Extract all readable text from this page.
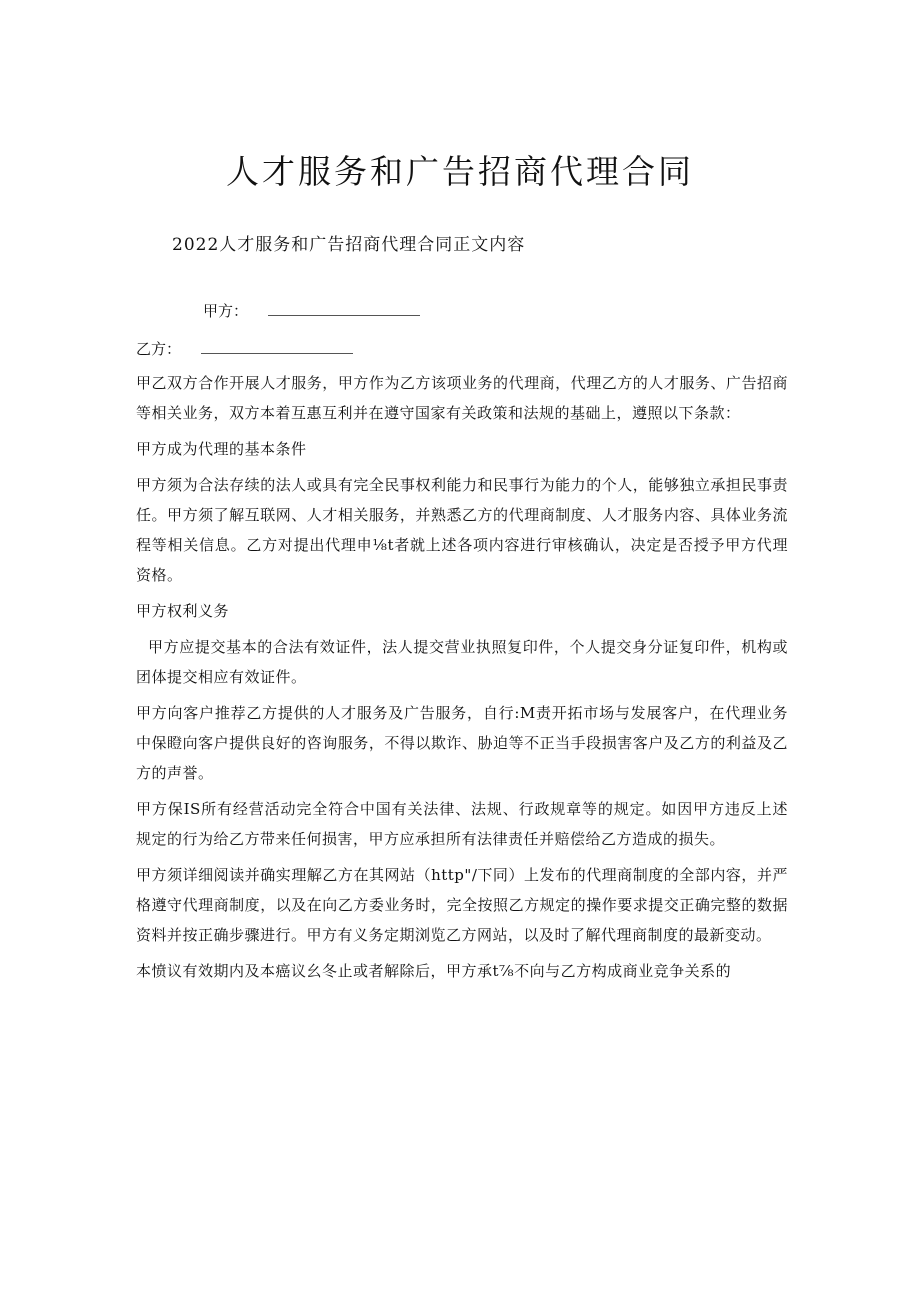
人才服务和广告招商代理合同
2022人才服务和广告招商代理合同正文内容
甲方：
乙方：

甲乙双方合作开展人才服务，甲方作为乙方该项业务的代理商，代理乙方的人才服务、广告招商等相关业务，双方本着互惠互利并在遵守国家有关政策和法规的基础上，遵照以下条款：

甲方成为代理的基本条件

甲方须为合法存续的法人或具有完全民事权利能力和民事行为能力的个人，能够独立承担民事责任。甲方须了解互联网、人才相关服务，并熟悉乙方的代理商制度、人才服务内容、具体业务流程等相关信息。乙方对提出代理申⅛t者就上述各项内容进行审核确认，决定是否授予甲方代理资格。

甲方权利义务

甲方应提交基本的合法有效证件，法人提交营业执照复印件，个人提交身分证复印件，机构或团体提交相应有效证件。

甲方向客户推荐乙方提供的人才服务及广告服务，自行:M责开拓市场与发展客户，在代理业务中保瞪向客户提供良好的咨询服务，不得以欺诈、胁迫等不正当手段损害客户及乙方的利益及乙方的声誉。

甲方保IS所有经营活动完全符合中国有关法律、法规、行政规章等的规定。如因甲方违反上述规定的行为给乙方带来任何损害，甲方应承担所有法律责任并赔偿给乙方造成的损失。

甲方须详细阅读并确实理解乙方在其网站（http"/下同）上发布的代理商制度的全部内容，并严格遵守代理商制度，以及在向乙方委业务时，完全按照乙方规定的操作要求提交正确完整的数据资料并按正确步骤进行。甲方有义务定期浏览乙方网站，以及时了解代理商制度的最新变动。

本愤议有效期内及本癌议幺冬止或者解除后，甲方承t⅞不向与乙方构成商业竞争关系的
